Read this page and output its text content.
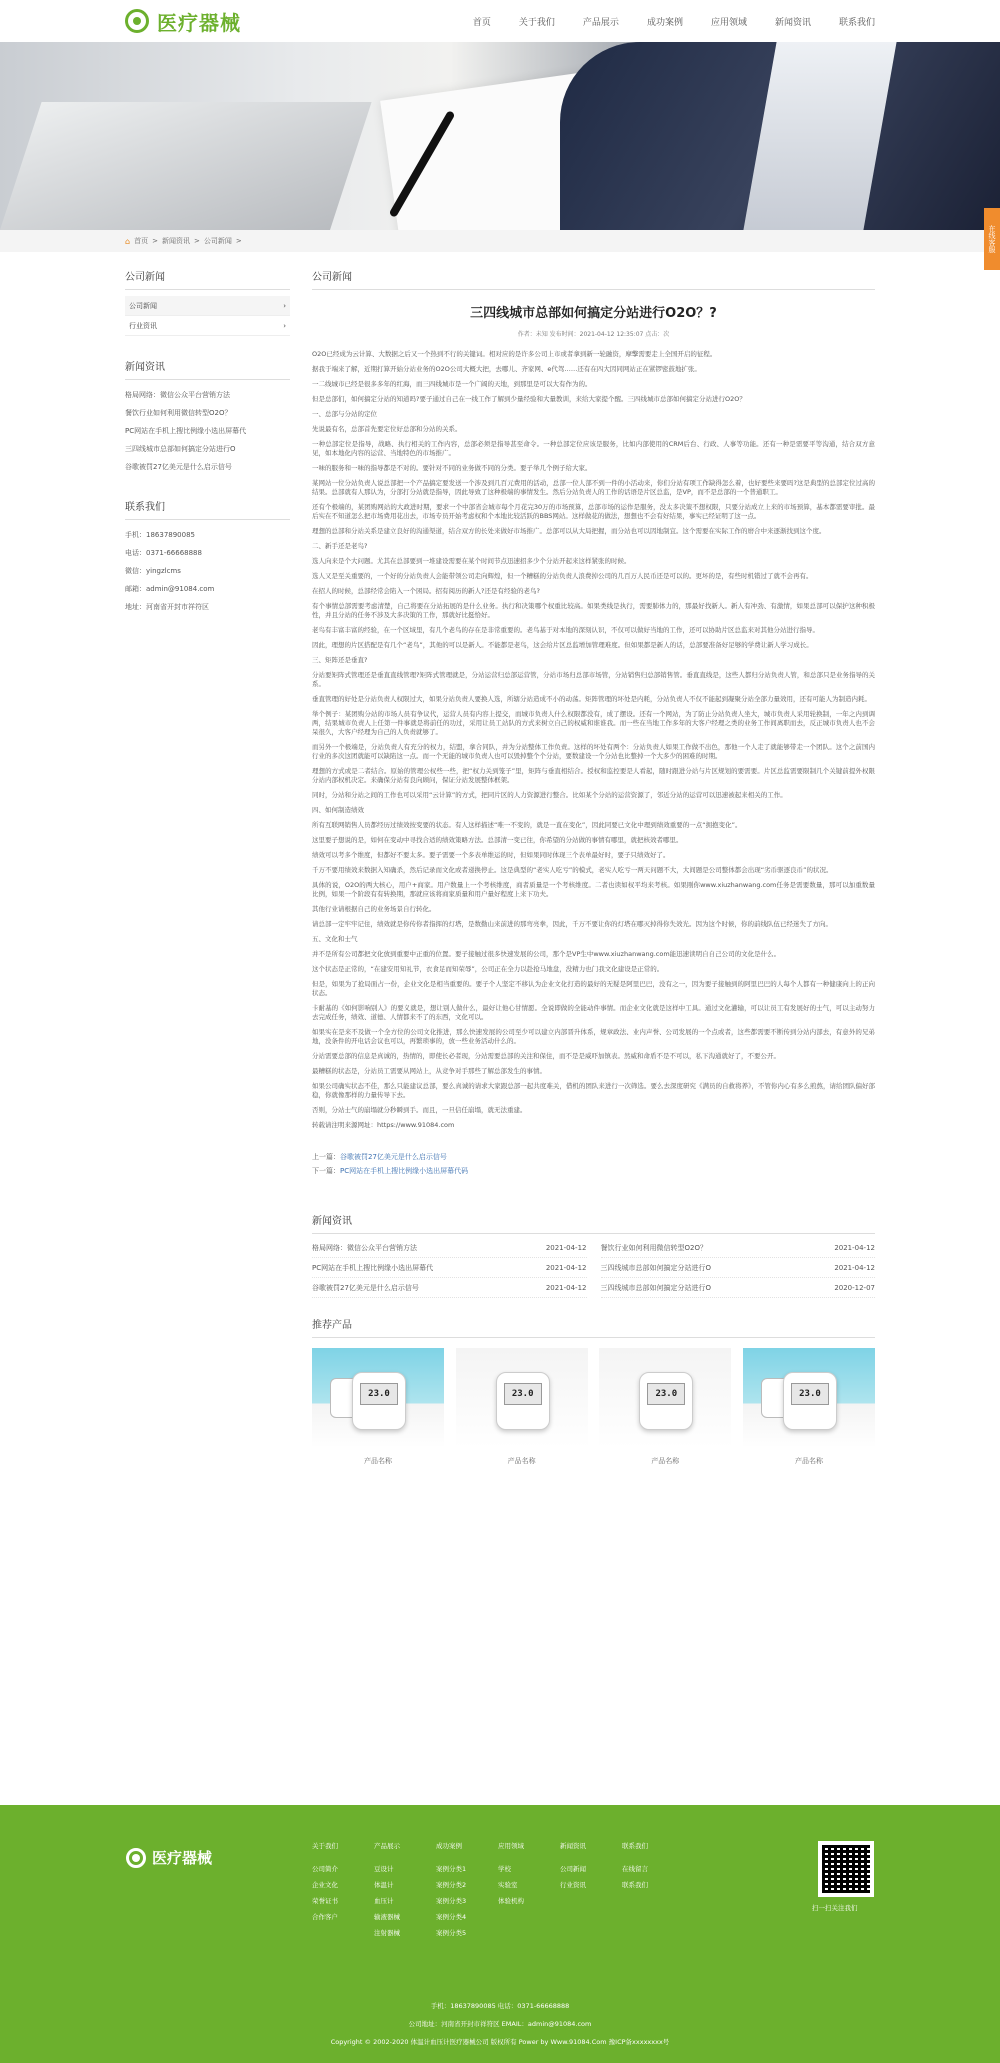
医疗器械	首页	关于我们	产品展示	成功案例	应用领域	新闻资讯	联系我们
在线客服
⌂ 首页 > 新闻资讯 > 公司新闻 >
公司新闻
公司新闻	›
行业资讯	›
新闻资讯
格局网络：微信公众平台营销方法
餐饮行业如何利用微信转型O2O？
PC网站在手机上搜比例缘小选出屏幕代
三四线城市总部如何搞定分站进行O
谷歌被罚27亿美元是什么启示信号
联系我们
手机：18637890085
电话：0371-66668888
微信：yingzlcms
邮箱：admin@91084.com
地址：河南省开封市祥符区
公司新闻
三四线城市总部如何搞定分站进行O2O？?
作者：未知 发布时间：2021-04-12 12:35:07 点击：次

O2O已经成为云计算、大数据之后又一个热到不行的关键词。相对应的是许多公司上市或者拿到新一轮融资，摩擎需要走上全国开启的征程。

据我于端来了解，近期打算开始分站业务的O2O公司大概大把，去哪儿、齐家网、e代驾……还有在四大因同网站正在紧锣密鼓地扩张。

一二线城市已经是很多多年的红海，而三四线城市是一个广阔的天地，到那里是可以大有作为的。

但是总部们，如何搞定分站的知道吗?要子通过自己在一线工作了解到少量经验和大量教训，来给大家提个醒。三四线城市总部如何搞定分站进行O2O？

一、总部与分站的定位

先说最有名，总部首先要定位好总部和分站的关系。

一种总部定位是指导，战略、执行相关的工作内容，总部必须是指导甚至命令。一种总部定位应该是服务，比如内部使用的CRM后台、行政、人事等功能。还有一种是需要平等沟通，结合双方意见，如本地化内容的运营、当地特色的市场推广。

一味的服务和一味的指导都是不对的。要针对不同的业务做不同的分类。要子举几个例子给大家。

某网站一位分站负责人说总部把一个产品搞定要发送一个涉及到几百元费用的活动，总部一位人部不到一件的小活动来，你们分站有项工作缺得怎么着，也好要些来要吗?这是典型的总部定位过高的结果。总部就有人那认为，分部打分站就是指导，因此导致了这种极端的事情发生。然后分站负责人的工作的话语是片区总监，是VP，而不是总部的一个普通职工。

还有个极端的，某团购网站的大政进时期，要求一个中部省会城市每个月花完30万的市场预算，总部市场的运作是服务，没太多决策不想权限，只要分站成立上来的市场预算，基本都需要审批。最后实在不知道怎么把市场费用花出去，市场专员开始考虑权和个本地比较活跃的BBS网站。这样做花的做法，想想也不会有好结果，事实已经证明了这一点。

理想的总部和分站关系是建立良好的沟通渠道，结合双方的长处来做好市场推广。总部可以从大局把握，而分站也可以因地制宜。这个需要在实际工作的磨合中来逐渐找到这个度。

二、新手还是老鸟?

选人向来是个大问题。尤其在总部要到一堆建设需要在某个时间节点迅速招多少个分站开起来这样紧张的时候。

选人又是至关重要的，一个好的分站负责人会能带领公司走向辉煌，但一个糟糕的分站负责人浪费掉公司的几百万人民币还是可以的。更坏的是，有些时机错过了就不会再有。

在招人的时候，总部经常会陷入一个困局。招有阅历的新人?还是有经验的老鸟?

有个事情总部需要考虑清楚，自己将要在分站拓展的是什么业务。执行和决策哪个权重比较高。如果类线是执行，需要肺体力的，那最好找新人。新人有冲劲、有激情，如果总部可以保护这种积极性，并且分站的任务不涉及大多决策的工作，那就好比挺恰好。

老鸟有丰富丰富的经验，在一个区域里，有几个老鸟的存在是非常重要的。老鸟基于对本地的深刻认识，不仅可以做好当地的工作，还可以协助片区总监来对其他分站进行指导。

因此，理想的片区搭配是有几个“老鸟”，其他的可以是新人。不能都是老鸟，这会给片区总监增加管理难度。但如果都是新人的话，总部要准备好足够的学费让新人学习成长。

三、矩阵还是垂直?

分站要矩阵式管理还是垂直直线管理?矩阵式管理就是，分站运营归总部运营管，分站市场归总部市场管，分站销售归总部销售管。垂直直线是，这些人都归分站负责人管，和总部只是业务指导的关系。

垂直管理的好处是分站负责人权限过大，如果分站负责人要换人选，所辖分站造成不小的动荡。矩阵管理的坏处是内耗，分站负责人不仅不能起到凝聚分站全部力量效用，还有可能人为制造内耗。

举个例子：某团购分站的市场人员有争议代，运营人员有内容上提交，而城市负责人什么权限都没有，成了摆设。还有一个网站，为了防止分站负责人坐大，城市负责人采用轮换制，一年之内到调两，结果城市负责人上任第一件事就是将前任的功过，采用让员工站队的方式来树立自己的权威和谁谁我。而一些在当地工作多年的大客户经理之类的业务工作间离职而去，反正城市负责人也不会呆很久，大客户经理为自己的人负责就够了。

而另外一个极端是，分站负责人有充分的权力，结盟，拿合同队，并为分站整体工作负责。这样的坏处有两个：分站负责人如果工作做不出色，那他一个人走了就能够带走一个团队。这个之前国内行业的多次这团就能可以缺陷这一点。而一个无能的城市负责人也可以毁掉整个个分站，要数建设一个分站也比整掉一个大多少的困难的时期。

理想的方式或是二者结合。原始的管理公权些一些，把“权力关到笼子”里，矩阵与垂直相结合。授权和监控要是人看起，随时跟进分站与片区规划的要需要。片区总监需要限制几个关键前提外权限分站内部权机决定。来确保分站有良向顾问，保证分站发展整体框架。

同时，分站和分站之间的工作也可以采用“云计算”的方式，把同片区的人力资源进行整合。比如某个分站的运营资源了，邻近分站的运营可以迅速被起来相关的工作。

四、如何制造绩效

所有互联网销售人员都经历过绩效按变要的状态。有人这样描述“唯一不变的，就是一直在变化”，因此同要已文化中理到绩效重要的一点“拥抱变化”。

这里要子想说的是，如何在变动中寻找合适的绩效策略方法。总部清一变已往，你希望的分站做的事情有哪里，就把核效者哪里。

绩效可以考多个维度，但都好不要太多。要子需要一个多表单维运的时，但如果同时体现三个表单最好时，要子只绩效好了。

千万不要用绩效来数据入知确杀，然后记录而文化或者递换停止。这是典型的“老实人吃亏”的模式，老实人吃亏一两天问题不大，大间题是公司整体都会出现“劣币驱逐良币”的状况。

具体的说，O2O的两大核心，用户+商家。用户数量上一个考核维度，商者质量是一个考核维度。二者也读如权平均来考核。如果刚你www.xiuzhanwang.com任务是需要数量，那可以加重数量比例，如果一个阶段有有转换期，那就应该将商家质量和用户量好程度上来下功夫。

其他行业请根据自己的业务场景自行转化。

请总部一定牢牢记住，绩效就是你传你者指挥的灯塔，是数勤山来前进的那弯亮拳，因此，千万不要让你的灯塔在哪灭掉得你失效光。因为这个时候，你的前线队伍已经迷失了方向。

五、文化和士气

并不是所有公司都把文化放到重要中正重的位置。要子接触过很多快速发展的公司，那个是VP生中www.xiuzhanwang.com能迅速读明自自己公司的文化是什么。

这个状态是正常的，“在建安用知礼节，衣食足而知荣辱”，公司正在全力以赴抢马地盘，没精力也门我文化建设是正常的。

但是，如果为了抢局面占一份，企业文化是相当重要的。要子个人坚定不移认为企业文化打造的最好的无疑是阿里巴巴，没有之一，因为要子接触到的阿里巴巴的人每个人都有一种健康向上的正向状态。

卡耐基的《如何影响别人》的要义就是，想让别人做什么，最好让他心甘情愿。全说即做的全能动件事情。而企业文化就是这样中工具。通过文化灌输，可以让员工有发展好的士气，可以主动努力去完成任务，绩效、道德、人情都来不了的东西，文化可以。

如果实在是来不及做一个全方位的公司文化推进，那么快速发展的公司至少可以建立内部晋升体系，规章政法、业内声誉、公司发展的一个点或者，这些都需要不断传到分站内部去，有意外的兄弟地，没条件的开电话会议也可以，再繁琐事的，放一些业务活动什么的。

分站需要总部的信息是真诚的，热情的，即使长必者现，分站需要总部的关注和保住，而不是是威吓加镇表。然威和命盾不是不可以，私下沟通就好了，不要公开。

最糟糕的状态是，分站员工需要从网站上，从竞争对手那些了解总部发生的事情。

如果公司确实状态不佳，那么只能建议总部，要么真诚的请求大家跟总部一起共度难关，借机的团队来进行一次筛选。要么去深度研究《满员的自救将养》，不管你内心有多么煎熬，请给团队偏好部稳，你就像那样的力量传导下去。

否则，分站士气的崩塌就分秒瞬到手。而且，一旦信任崩塌，就无法重建。

转载请注明来源网址：https://www.91084.com

上一篇：谷歌被罚27亿美元是什么启示信号
下一篇：PC网站在手机上搜比例缘小选出屏幕代码
新闻资讯
格局网络：微信公众平台营销方法	2021-04-12 餐饮行业如何利用微信转型O2O？	2021-04-12
PC网站在手机上搜比例缘小选出屏幕代	2021-04-12 三四线城市总部如何搞定分站进行O	2021-04-12
谷歌被罚27亿美元是什么启示信号	2021-04-12 三四线城市总部如何搞定分站进行O	2020-12-07
推荐产品
23.0
产品名称
23.0
产品名称
23.0
产品名称
23.0
产品名称
医疗器械
关于我们
公司简介
企业文化
荣誉证书
合作客户
产品展示
豆设计
体温计
血压计
输液器械
注射器械
成功案例
案例分类1
案例分类2
案例分类3
案例分类4
案例分类5
应用领域
学校
实验室
体验机构
新闻资讯
公司新闻
行业资讯
联系我们
在线留言
联系我们
扫一扫关注我们
手机：18637890085 电话：0371-66668888
公司地址：河南省开封市祥符区 EMAIL：admin@91084.com
Copyright © 2002-2020 体温计血压计医疗器械公司 版权所有 Power by Www.91084.Com 豫ICP备xxxxxxxx号
